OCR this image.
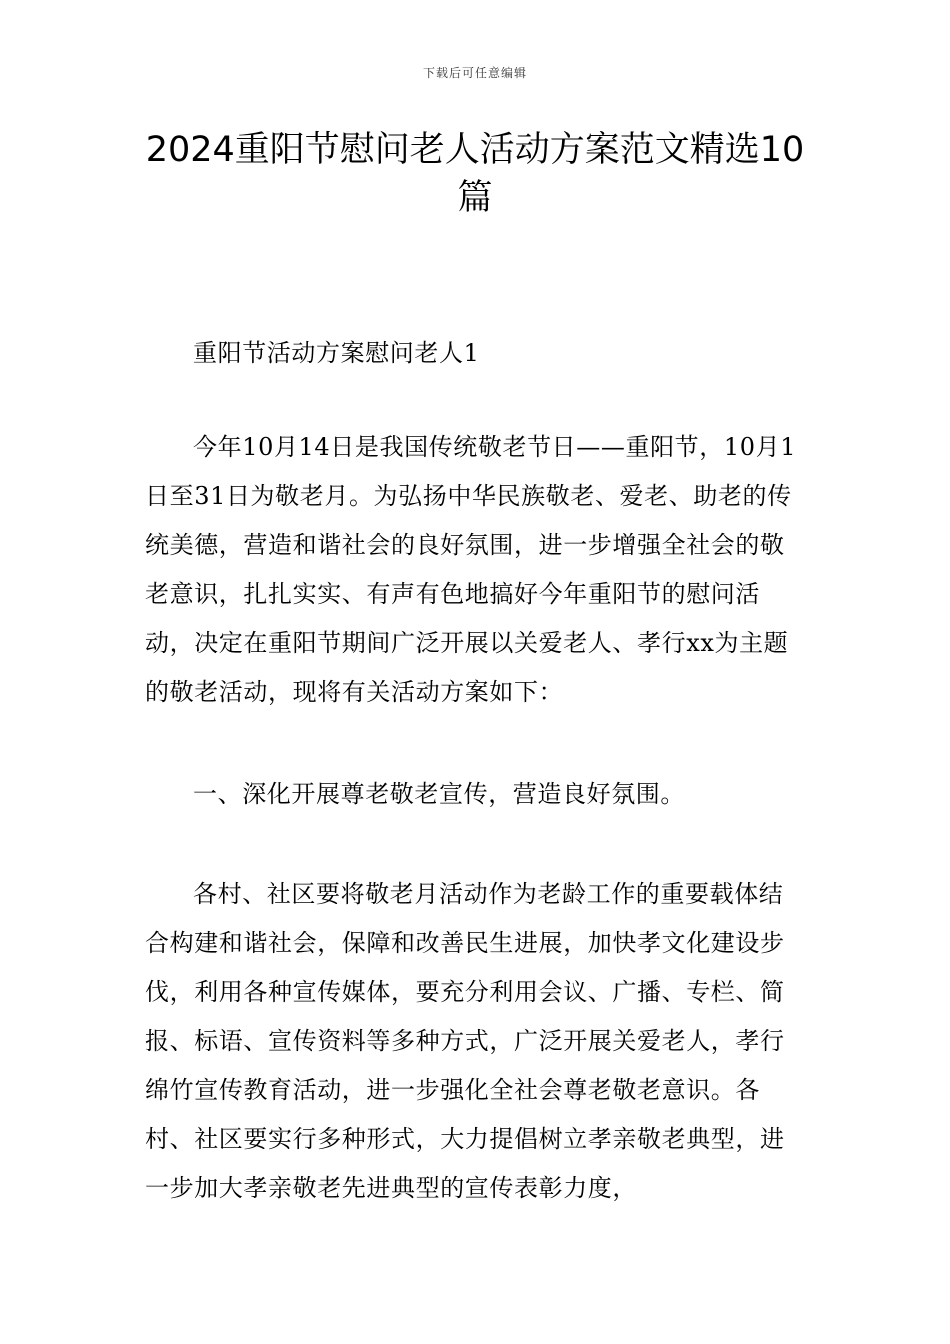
下载后可任意编辑
2024重阳节慰问老人活动方案范文精选10篇

重阳节活动方案慰问老人1

今年10月14日是我国传统敬老节日——重阳节，10月1日至31日为敬老月。为弘扬中华民族敬老、爱老、助老的传统美德，营造和谐社会的良好氛围，进一步增强全社会的敬老意识，扎扎实实、有声有色地搞好今年重阳节的慰问活动，决定在重阳节期间广泛开展以关爱老人、孝行xx为主题的敬老活动，现将有关活动方案如下：

一、深化开展尊老敬老宣传，营造良好氛围。

各村、社区要将敬老月活动作为老龄工作的重要载体结合构建和谐社会，保障和改善民生进展，加快孝文化建设步伐，利用各种宣传媒体，要充分利用会议、广播、专栏、简报、标语、宣传资料等多种方式，广泛开展关爱老人，孝行绵竹宣传教育活动，进一步强化全社会尊老敬老意识。各村、社区要实行多种形式，大力提倡树立孝亲敬老典型，进一步加大孝亲敬老先进典型的宣传表彰力度，
